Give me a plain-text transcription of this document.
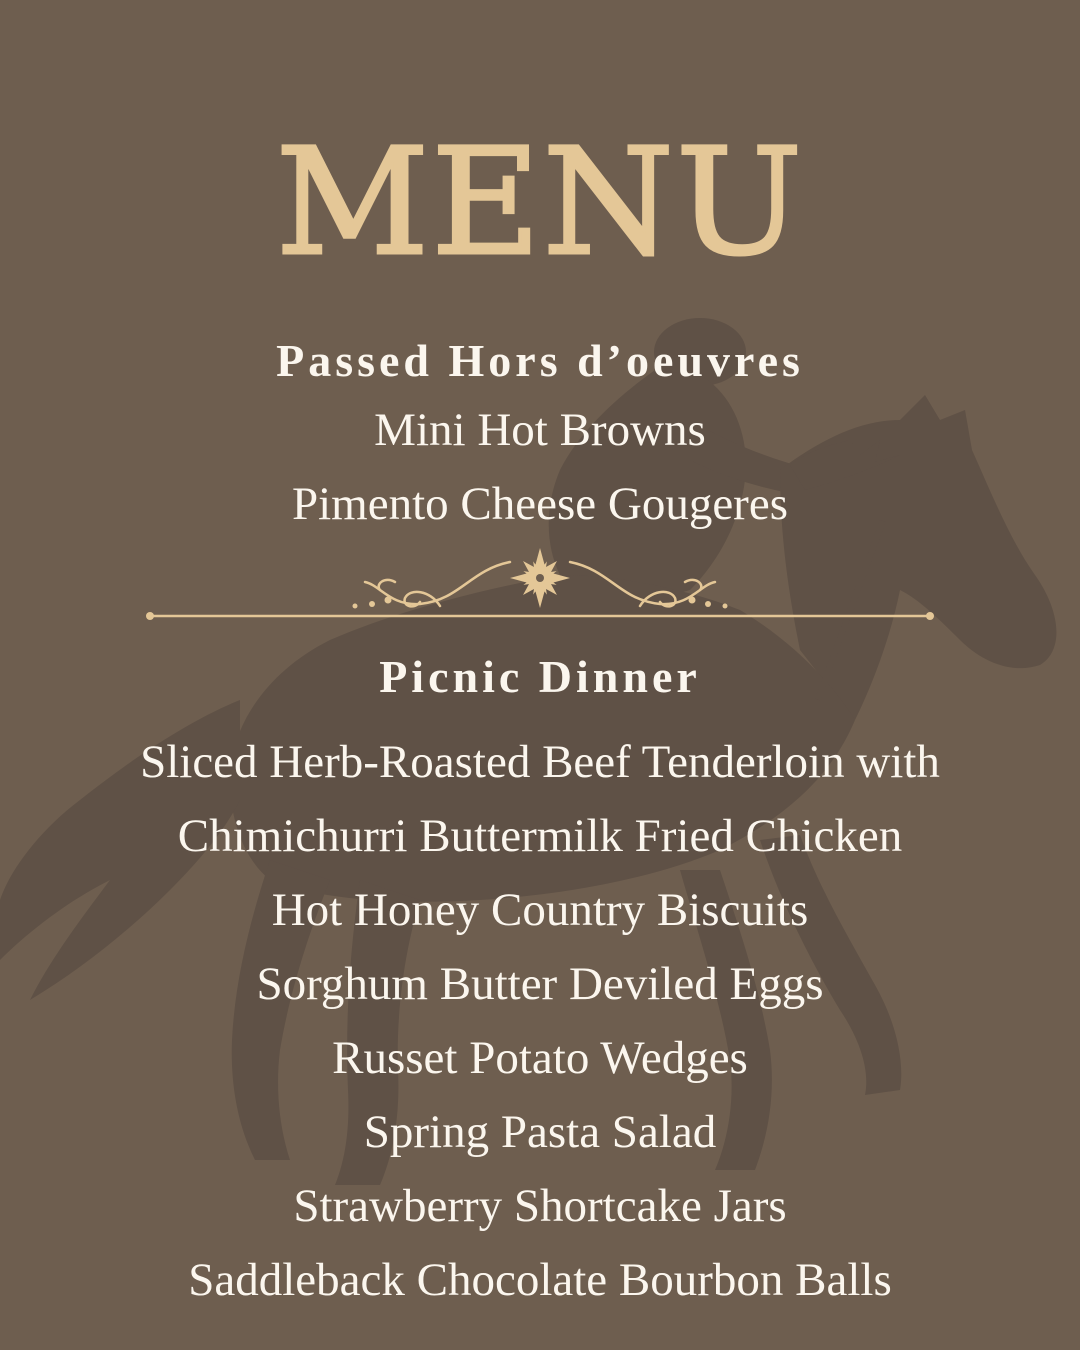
MENU
Passed Hors d’oeuvres
Mini Hot Browns
Pimento Cheese Gougeres
Picnic Dinner
Sliced Herb-Roasted Beef Tenderloin with
Chimichurri Buttermilk Fried Chicken
Hot Honey Country Biscuits
Sorghum Butter Deviled Eggs
Russet Potato Wedges
Spring Pasta Salad
Strawberry Shortcake Jars
Saddleback Chocolate Bourbon Balls
